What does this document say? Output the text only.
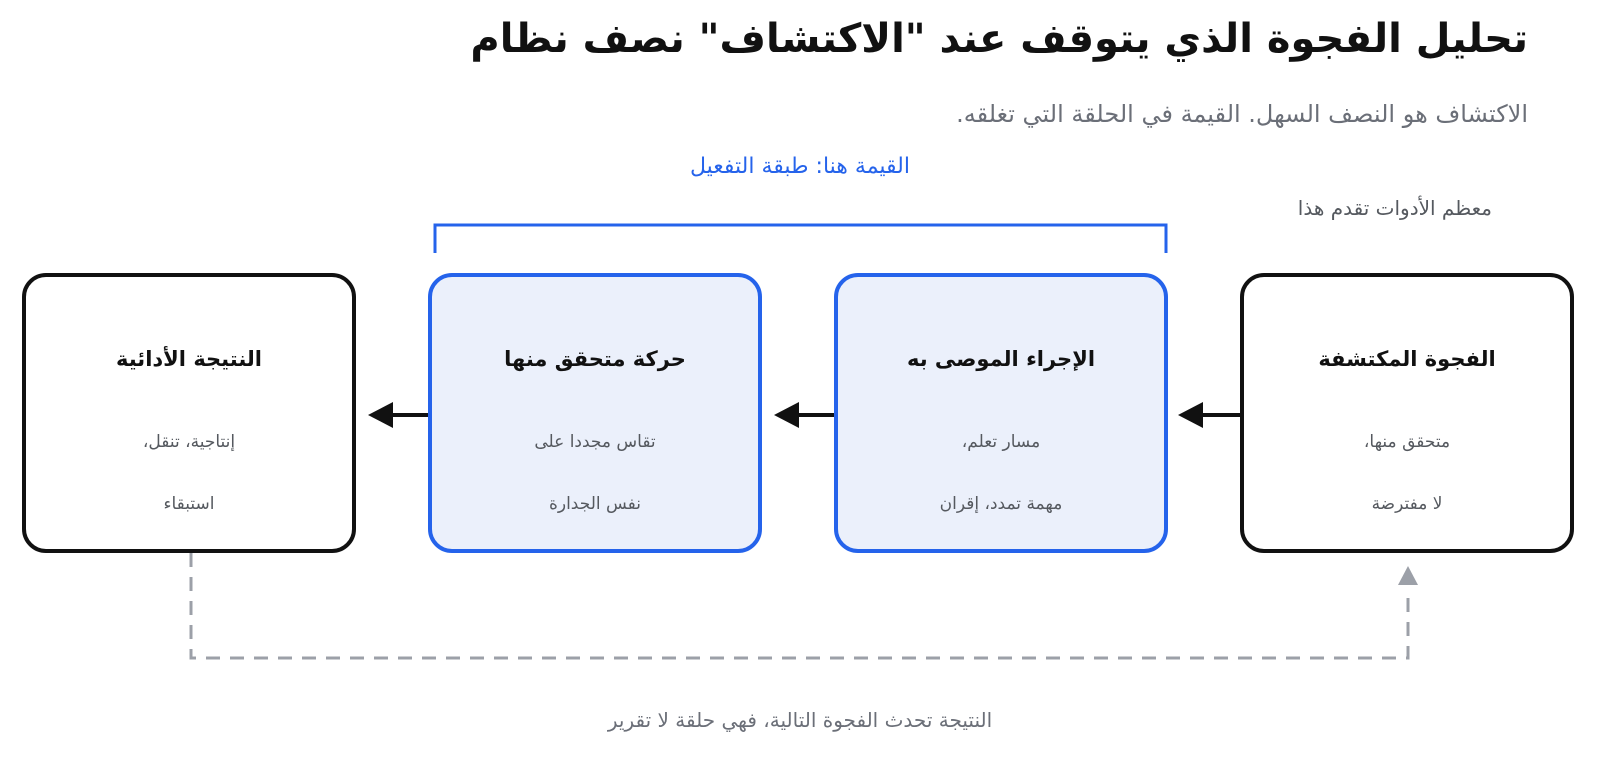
تحليل الفجوة الذي يتوقف عند "الاكتشاف" نصف نظام
الاكتشاف هو النصف السهل. القيمة في الحلقة التي تغلقه.
القيمة هنا: طبقة التفعيل
معظم الأدوات تقدم هذا
الفجوة المكتشفة
متحقق منها،
لا مفترضة
الإجراء الموصى به
مسار تعلم،
مهمة تمدد، إقران
حركة متحقق منها
تقاس مجددا على
نفس الجدارة
النتيجة الأدائية
إنتاجية، تنقل،
استبقاء
النتيجة تحدث الفجوة التالية، فهي حلقة لا تقرير
